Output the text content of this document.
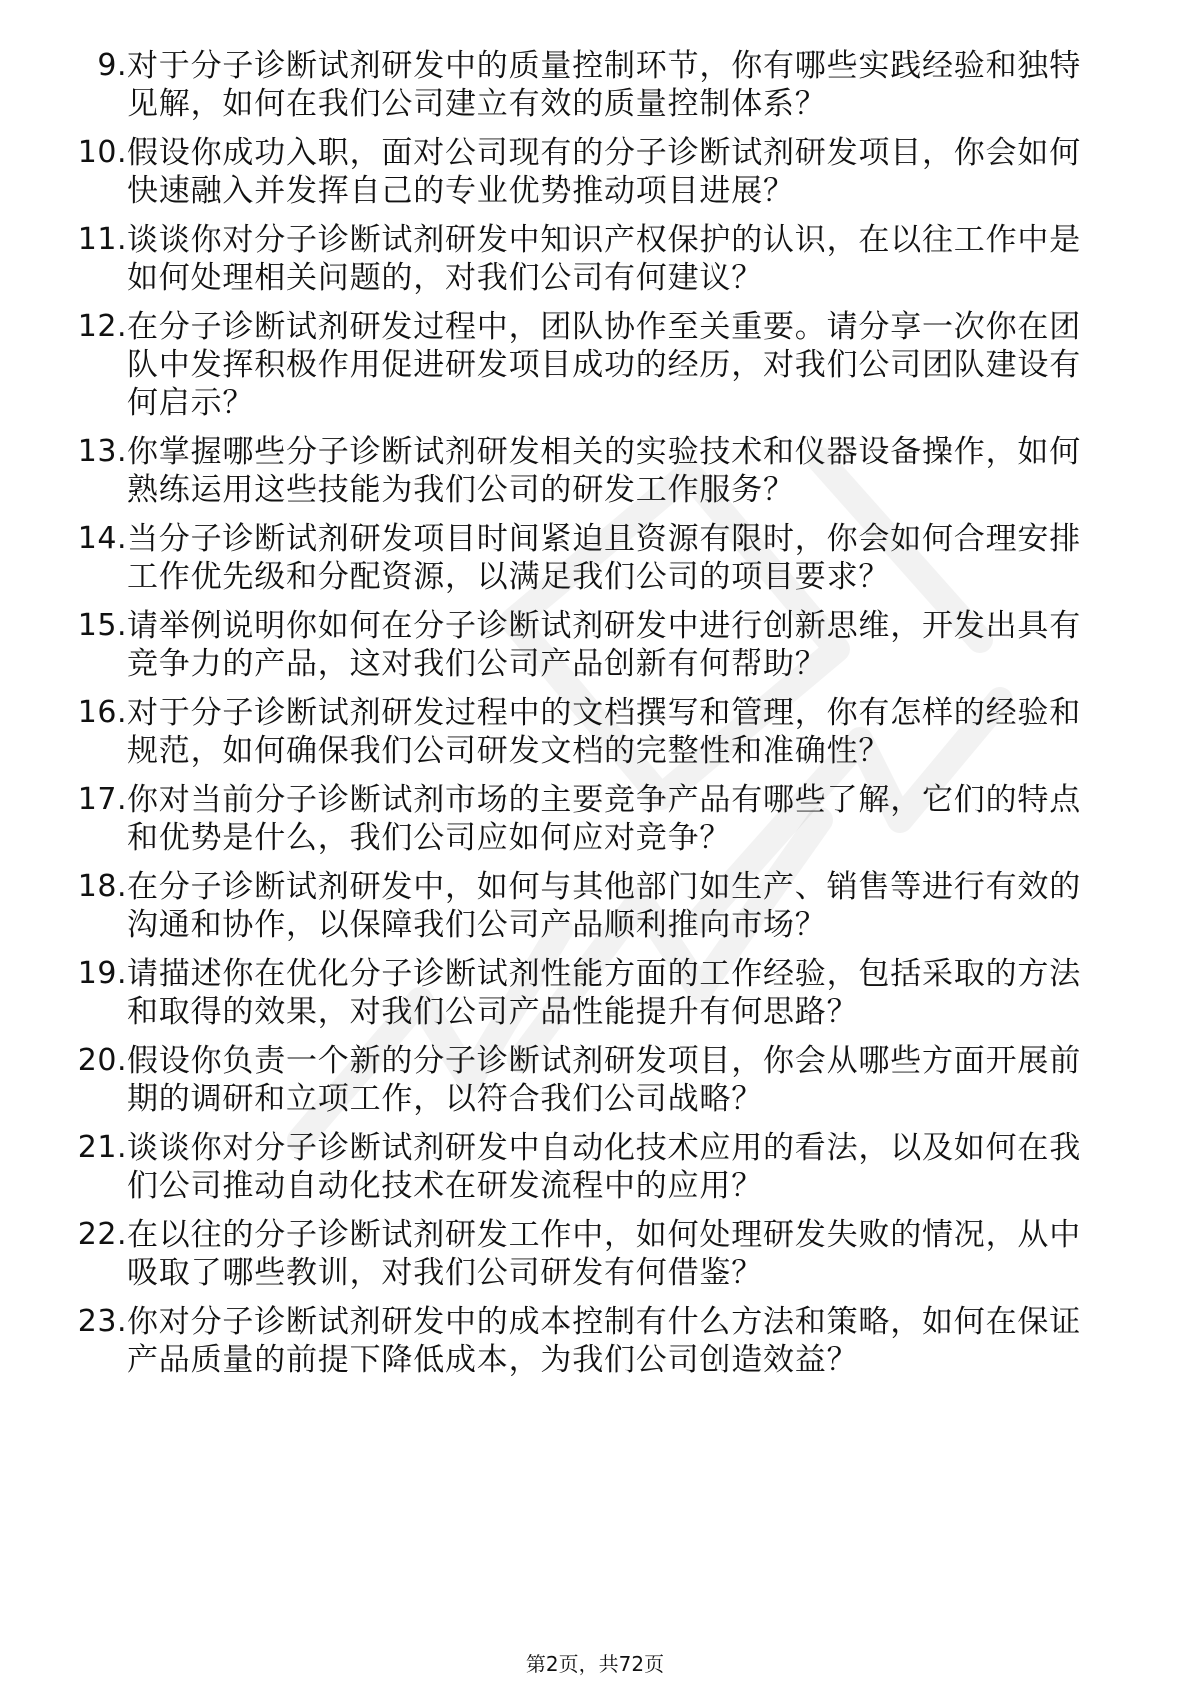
9. 对于分子诊断试剂研发中的质量控制环节，你有哪些实践经验和独特见解，如何在我们公司建立有效的质量控制体系？
10. 假设你成功入职，面对公司现有的分子诊断试剂研发项目，你会如何快速融入并发挥自己的专业优势推动项目进展？
11. 谈谈你对分子诊断试剂研发中知识产权保护的认识，在以往工作中是如何处理相关问题的，对我们公司有何建议？
12. 在分子诊断试剂研发过程中，团队协作至关重要。请分享一次你在团队中发挥积极作用促进研发项目成功的经历，对我们公司团队建设有何启示？
13. 你掌握哪些分子诊断试剂研发相关的实验技术和仪器设备操作，如何熟练运用这些技能为我们公司的研发工作服务？
14. 当分子诊断试剂研发项目时间紧迫且资源有限时，你会如何合理安排工作优先级和分配资源，以满足我们公司的项目要求？
15. 请举例说明你如何在分子诊断试剂研发中进行创新思维，开发出具有竞争力的产品，这对我们公司产品创新有何帮助？
16. 对于分子诊断试剂研发过程中的文档撰写和管理，你有怎样的经验和规范，如何确保我们公司研发文档的完整性和准确性？
17. 你对当前分子诊断试剂市场的主要竞争产品有哪些了解，它们的特点和优势是什么，我们公司应如何应对竞争？
18. 在分子诊断试剂研发中，如何与其他部门如生产、销售等进行有效的沟通和协作，以保障我们公司产品顺利推向市场？
19. 请描述你在优化分子诊断试剂性能方面的工作经验，包括采取的方法和取得的效果，对我们公司产品性能提升有何思路？
20. 假设你负责一个新的分子诊断试剂研发项目，你会从哪些方面开展前期的调研和立项工作，以符合我们公司战略？
21. 谈谈你对分子诊断试剂研发中自动化技术应用的看法，以及如何在我们公司推动自动化技术在研发流程中的应用？
22. 在以往的分子诊断试剂研发工作中，如何处理研发失败的情况，从中吸取了哪些教训，对我们公司研发有何借鉴？
23. 你对分子诊断试剂研发中的成本控制有什么方法和策略，如何在保证产品质量的前提下降低成本，为我们公司创造效益？
第2页，共72页
